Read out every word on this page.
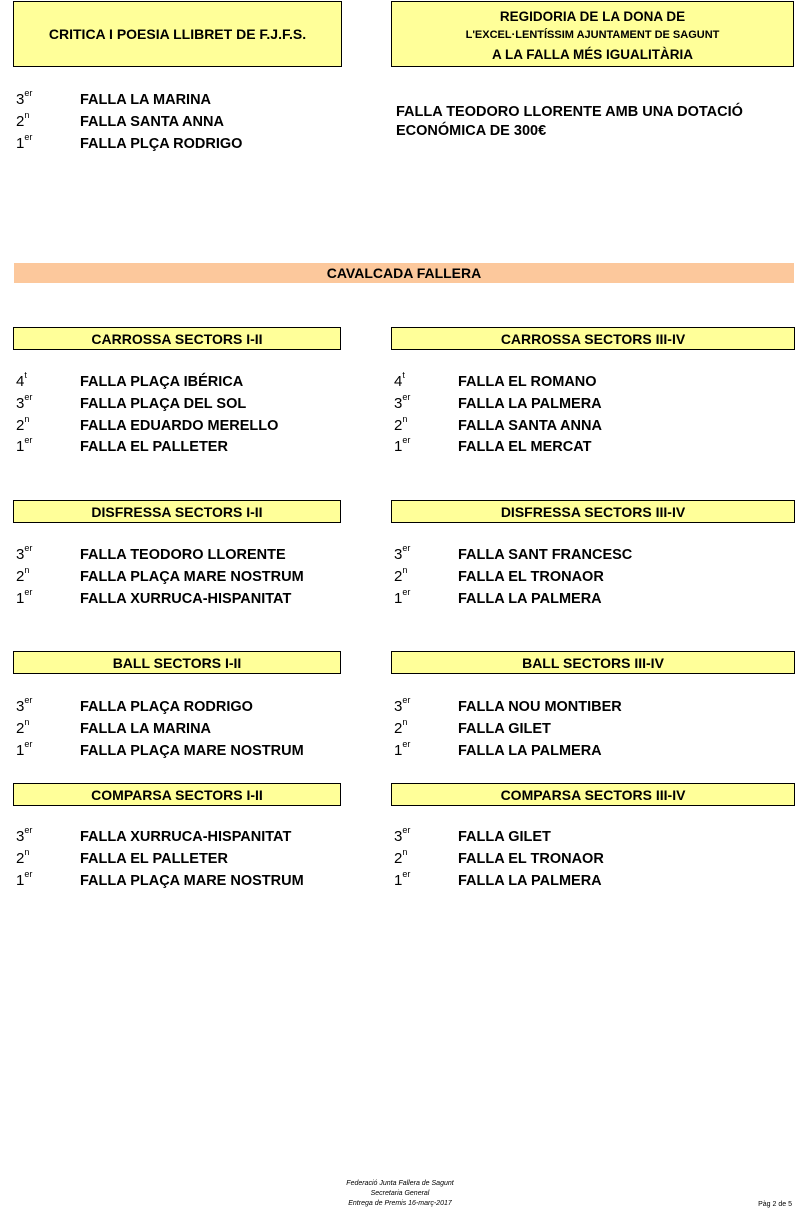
CRITICA I POESIA LLIBRET DE F.J.F.S.
REGIDORIA DE LA DONA DE
L'EXCEL·LENTÍSSIM AJUNTAMENT DE SAGUNT
A LA FALLA MÉS IGUALITÀRIA
3er	FALLA LA MARINA
2$^n$	FALLA SANTA ANNA
1er	FALLA PLÇA RODRIGO
FALLA TEODORO LLORENTE AMB UNA DOTACIÓ
ECONÓMICA DE 300€
CAVALCADA FALLERA
CARROSSA SECTORS I-II	CARROSSA SECTORS III-IV
4$^t$	FALLA PLAÇA IBÉRICA
3er	FALLA PLAÇA DEL SOL
2$^n$	FALLA EDUARDO MERELLO
1er	FALLA EL PALLETER
4$^t$	FALLA EL ROMANO
3er	FALLA LA PALMERA
2$^n$	FALLA SANTA ANNA
1er	FALLA EL MERCAT
DISFRESSA SECTORS I-II	DISFRESSA SECTORS III-IV
3er	FALLA TEODORO LLORENTE
2$^n$	FALLA PLAÇA MARE NOSTRUM
1er	FALLA XURRUCA-HISPANITAT
3er	FALLA SANT FRANCESC
2$^n$	FALLA EL TRONAOR
1er	FALLA LA PALMERA
BALL SECTORS I-II	BALL SECTORS III-IV
3er	FALLA PLAÇA RODRIGO
2$^n$	FALLA LA MARINA
1er	FALLA PLAÇA MARE NOSTRUM
3er	FALLA NOU MONTIBER
2$^n$	FALLA GILET
1er	FALLA LA PALMERA
COMPARSA SECTORS I-II	COMPARSA SECTORS III-IV
3er	FALLA XURRUCA-HISPANITAT
2$^n$	FALLA EL PALLETER
1er	FALLA PLAÇA MARE NOSTRUM
3er	FALLA GILET
2$^n$	FALLA EL TRONAOR
1er	FALLA LA PALMERA
Federació Junta Fallera de Sagunt
Secretaria General
Entrega de Premis 16-març-2017	Pàg 2 de 5
